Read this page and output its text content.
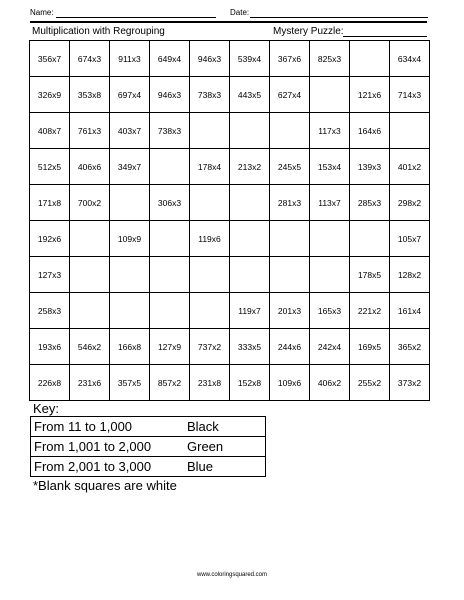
Name:	Date:
Multiplication with Regrouping	Mystery Puzzle:
356x7	674x3	911x3	649x4	946x3	539x4	367x6	825x3		634x4
326x9	353x8	697x4	946x3	738x3	443x5	627x4		121x6	714x3
408x7	761x3	403x7	738x3				117x3	164x6	
512x5	406x6	349x7		178x4	213x2	245x5	153x4	139x3	401x2
171x8	700x2		306x3			281x3	113x7	285x3	298x2
192x6		109x9		119x6					105x7
127x3								178x5	128x2
258x3					119x7	201x3	165x3	221x2	161x4
193x6	546x2	166x8	127x9	737x2	333x5	244x6	242x4	169x5	365x2
226x8	231x6	357x5	857x2	231x8	152x8	109x6	406x2	255x2	373x2
Key:
From 11 to 1,000	Black
From 1,001 to 2,000	Green
From 2,001 to 3,000	Blue
*Blank squares are white
www.coloringsquared.com
